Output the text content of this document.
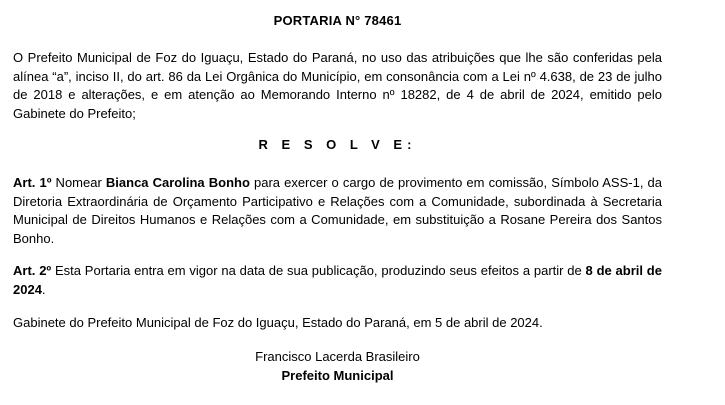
PORTARIA N° 78461
O Prefeito Municipal de Foz do Iguaçu, Estado do Paraná, no uso das atribuições que lhe são conferidas pela alínea “a”, inciso II, do art. 86 da Lei Orgânica do Município, em consonância com a Lei nº 4.638, de 23 de julho de 2018 e alterações, e em atenção ao Memorando Interno nº 18282, de 4 de abril de 2024, emitido pelo Gabinete do Prefeito;
R E S O L V E:
Art. 1º Nomear Bianca Carolina Bonho para exercer o cargo de provimento em comissão, Símbolo ASS-1, da Diretoria Extraordinária de Orçamento Participativo e Relações com a Comunidade, subordinada à Secretaria Municipal de Direitos Humanos e Relações com a Comunidade, em substituição a Rosane Pereira dos Santos Bonho.
Art. 2º Esta Portaria entra em vigor na data de sua publicação, produzindo seus efeitos a partir de 8 de abril de 2024.
Gabinete do Prefeito Municipal de Foz do Iguaçu, Estado do Paraná, em 5 de abril de 2024.
Francisco Lacerda Brasileiro
Prefeito Municipal
